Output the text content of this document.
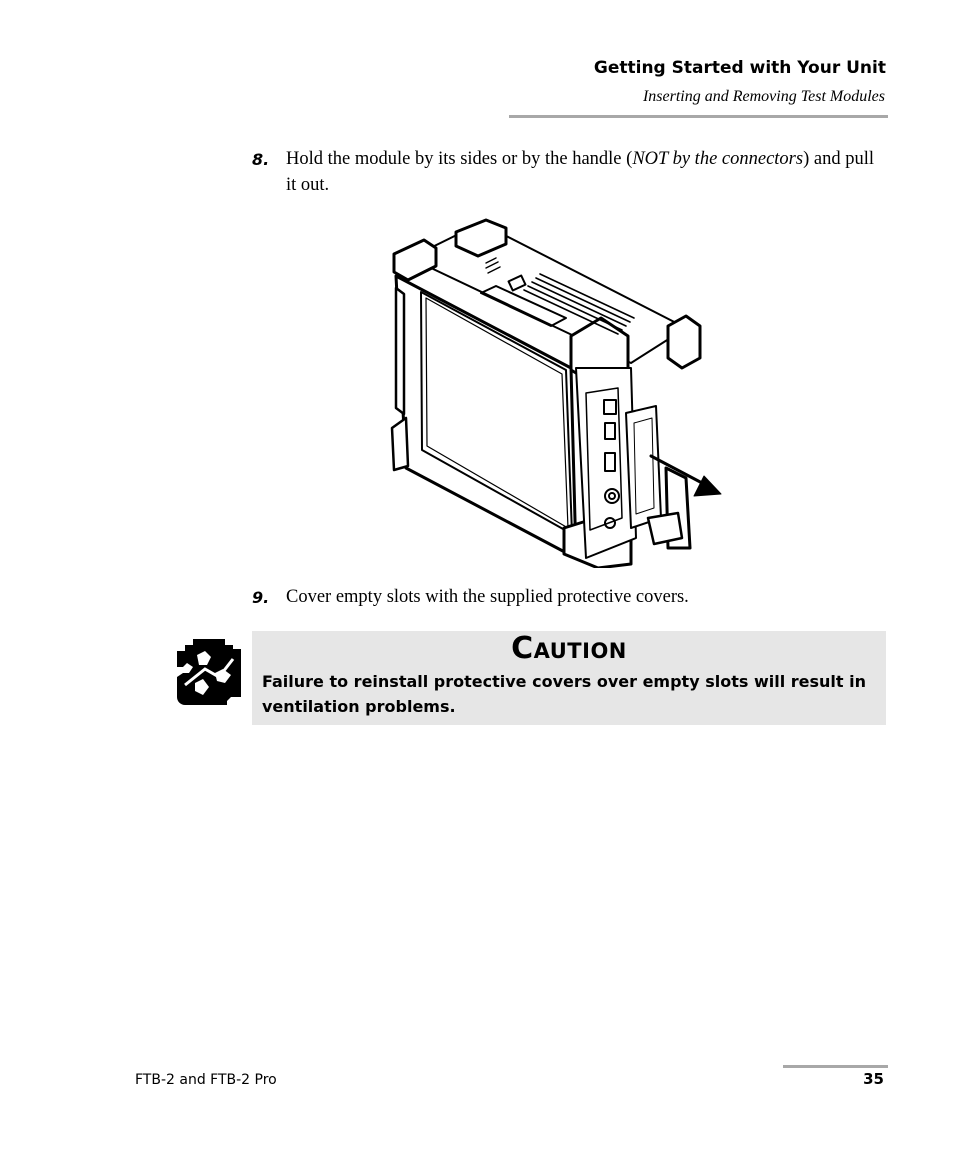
Getting Started with Your Unit
Inserting and Removing Test Modules
8. Hold the module by its sides or by the handle (NOT by the connectors) and pull it out.
9. Cover empty slots with the supplied protective covers.
Caution
Failure to reinstall protective covers over empty slots will result in ventilation problems.
FTB-2 and FTB-2 Pro	35
